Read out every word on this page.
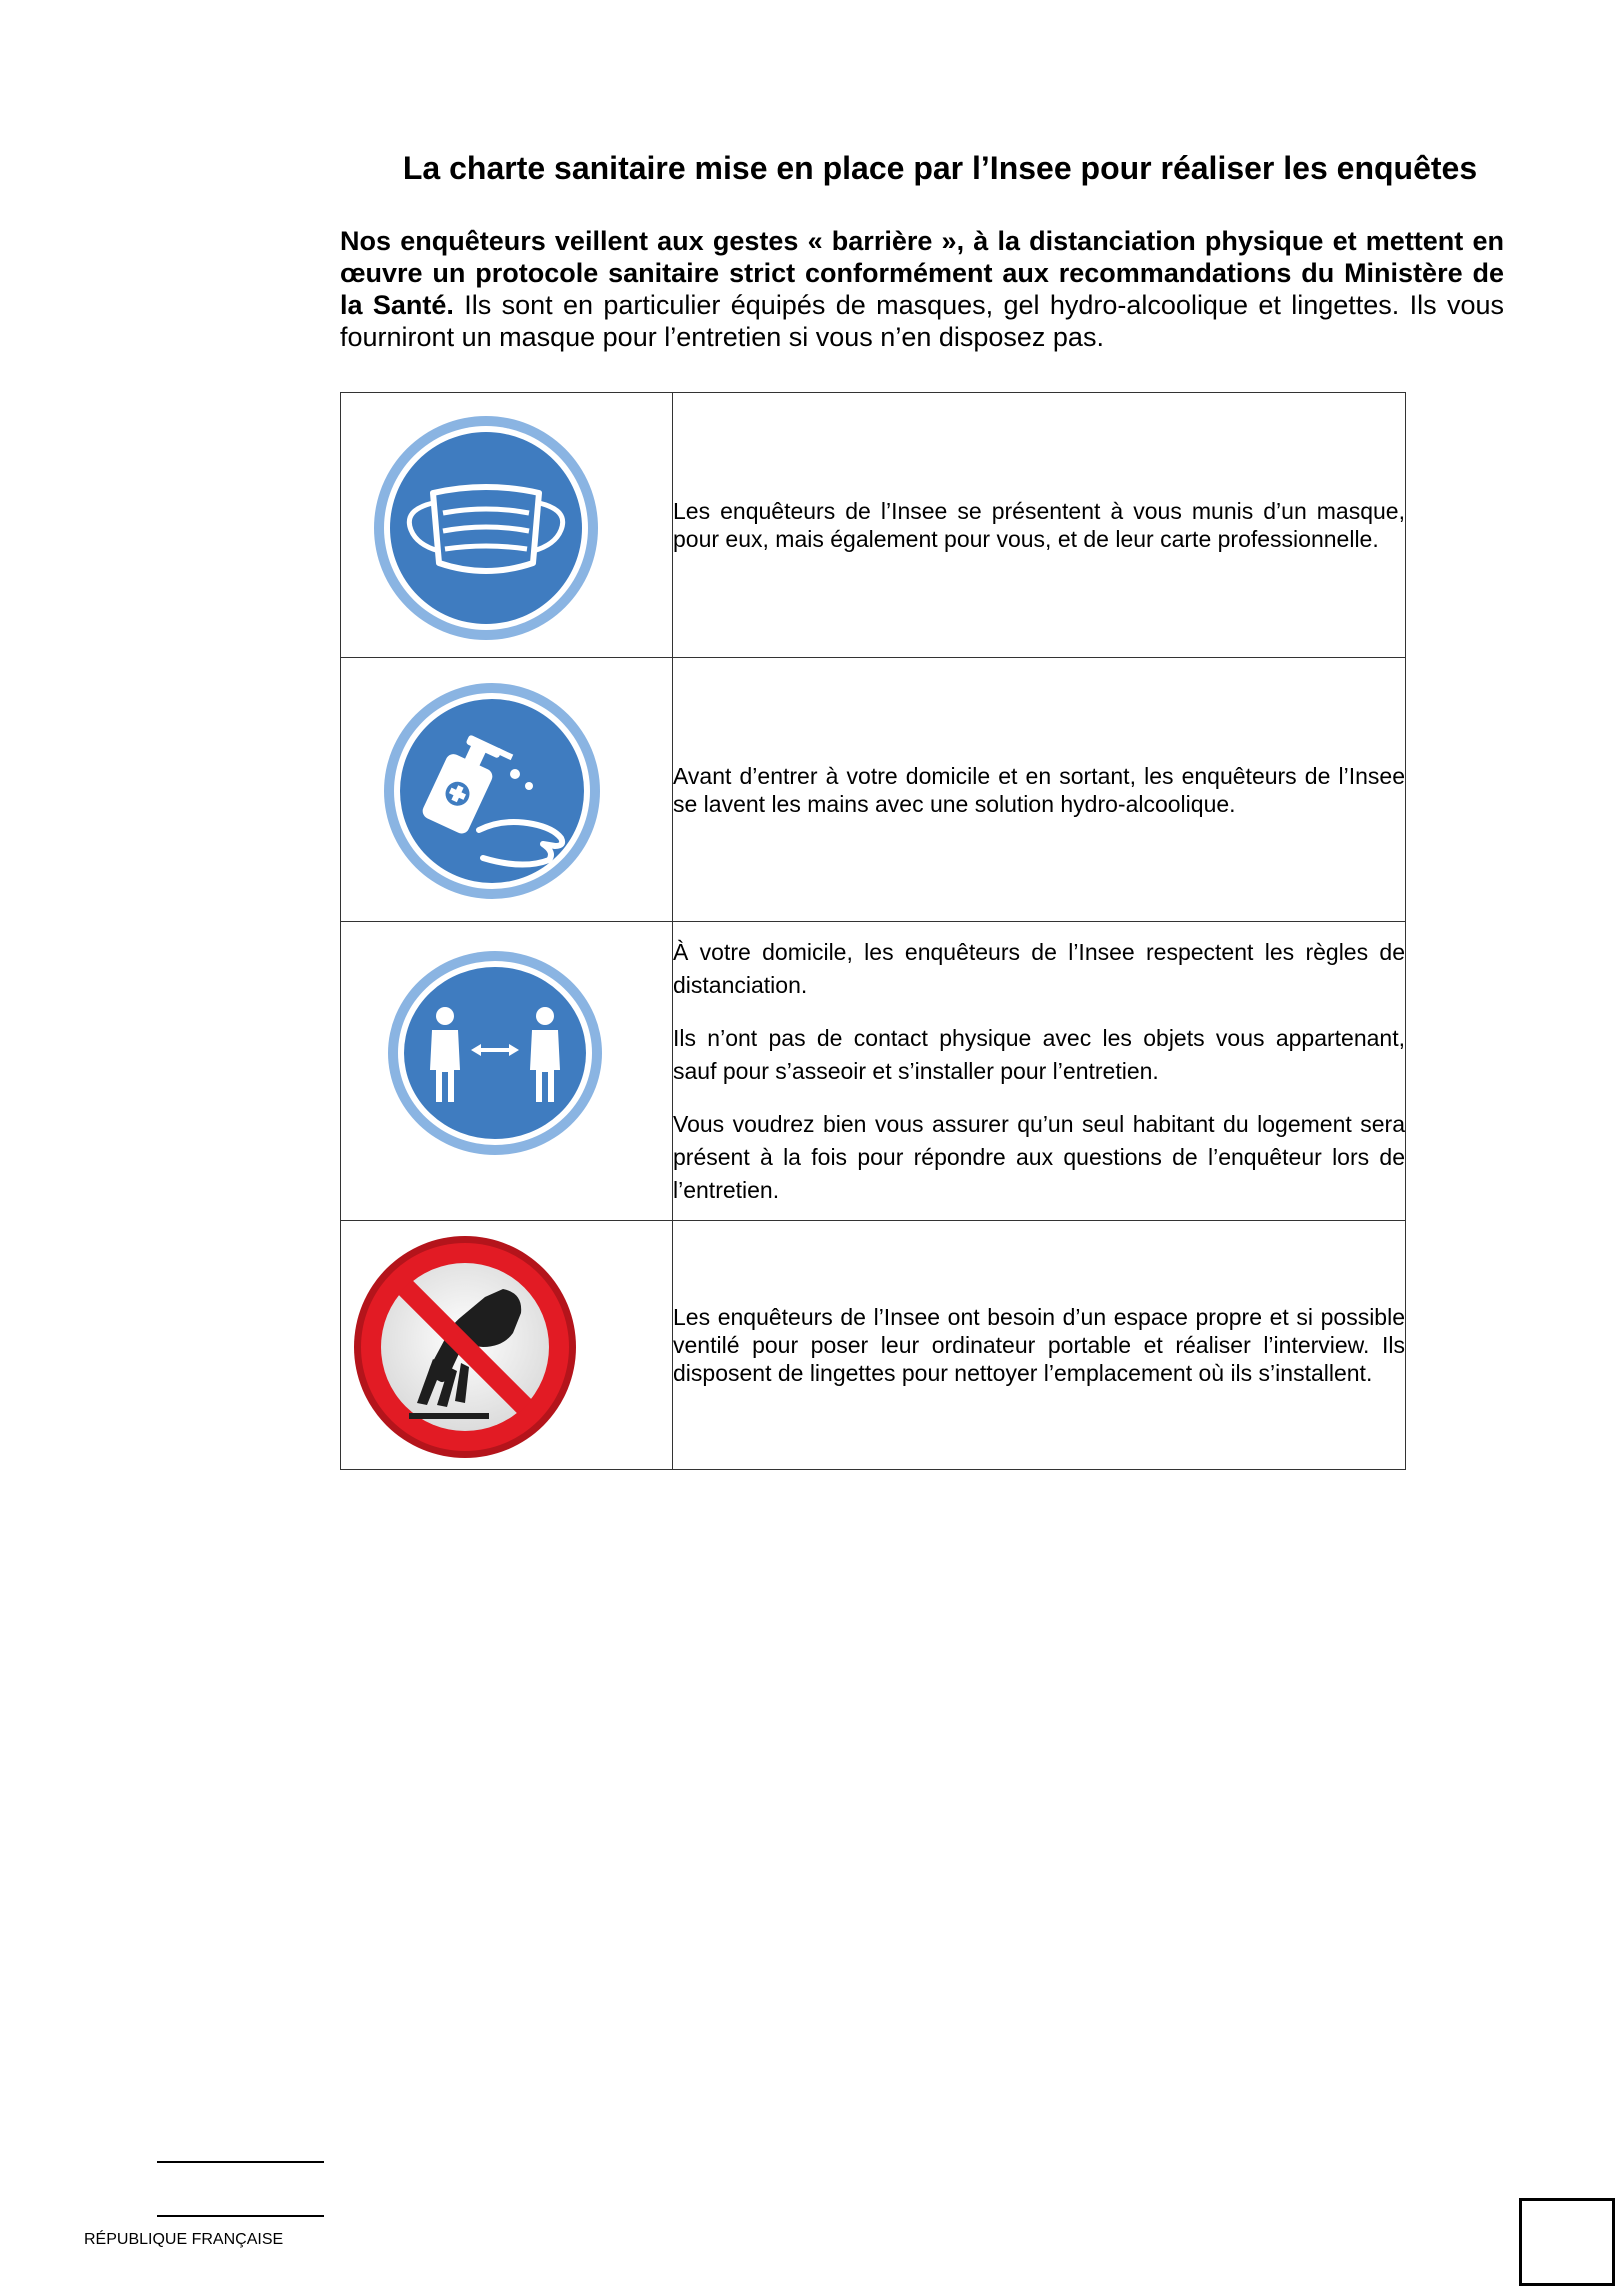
La charte sanitaire mise en place par l’Insee pour réaliser les enquêtes

Nos enquêteurs veillent aux gestes « barrière », à la distanciation physique et mettent en œuvre un protocole sanitaire strict conformément aux recommandations du Ministère de la Santé. Ils sont en particulier équipés de masques, gel hydro-alcoolique et lingettes. Ils vous fourniront un masque pour l’entretien si vous n’en disposez pas.

Les enquêteurs de l’Insee se présentent à vous munis d’un masque, pour eux, mais également pour vous, et de leur carte professionnelle.

Avant d’entrer à votre domicile et en sortant, les enquêteurs de l’Insee se lavent les mains avec une solution hydro-alcoolique.

À votre domicile, les enquêteurs de l’Insee respectent les règles de distanciation.

Ils n’ont pas de contact physique avec les objets vous appartenant, sauf pour s’asseoir et s’installer pour l’entretien.

Vous voudrez bien vous assurer qu’un seul habitant du logement sera présent à la fois pour répondre aux questions de l’enquêteur lors de l’entretien.

Les enquêteurs de l’Insee ont besoin d’un espace propre et si possible ventilé pour poser leur ordinateur portable et réaliser l’interview. Ils disposent de lingettes pour nettoyer l’emplacement où ils s’installent.

RÉPUBLIQUE FRANÇAISE
